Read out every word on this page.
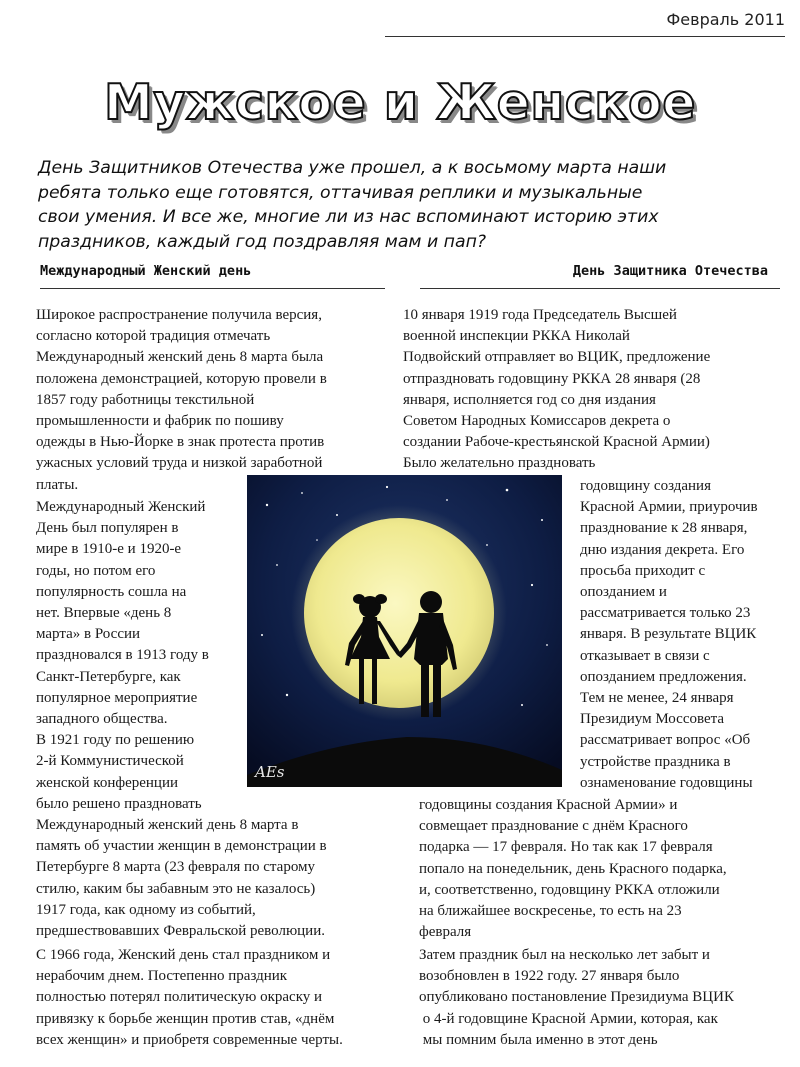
Февраль 2011
Мужское и Женское
День Защитников Отечества уже прошел, а к восьмому марта наши
ребята только еще готовятся, оттачивая реплики и музыкальные
свои умения. И все же, многие ли из нас вспоминают историю этих
праздников, каждый год поздравляя мам и пап?
Международный Женский день	День Защитника Отечества
Широкое распространение получила версия,
согласно которой традиция отмечать
Международный женский день 8 марта была
положена демонстрацией, которую провели в
1857 году работницы текстильной
промышленности и фабрик по пошиву
одежды в Нью-Йорке в знак протеста против
ужасных условий труда и низкой заработной
платы.
Международный Женский
День был популярен в
мире в 1910-е и 1920-е
годы, но потом его
популярность сошла на
нет. Впервые «день 8
марта» в России
праздновался в 1913 году в
Санкт-Петербурге, как
популярное мероприятие
западного общества.
В 1921 году по решению
2-й Коммунистической
женской конференции
было решено праздновать
Международный женский день 8 марта в
память об участии женщин в демонстрации в
Петербурге 8 марта (23 февраля по старому
стилю, каким бы забавным это не казалось)
1917 года, как одному из событий,
предшествовавших Февральской революции.
С 1966 года, Женский день стал праздником и
нерабочим днем. Постепенно праздник
полностью потерял политическую окраску и
привязку к борьбе женщин против став, «днём
всех женщин» и приобретя современные черты.
10 января 1919 года Председатель Высшей
военной инспекции РККА Николай
Подвойский отправляет во ВЦИК, предложение
отпраздновать годовщину РККА 28 января (28
января, исполняется год со дня издания
Советом Народных Комиссаров декрета о
создании Рабоче-крестьянской Красной Армии)
Было желательно праздновать
годовщину создания
Красной Армии, приурочив
празднование к 28 января,
дню издания декрета. Его
просьба приходит с
опозданием и
рассматривается только 23
января. В результате ВЦИК
отказывает в связи с
опозданием предложения.
Тем не менее, 24 января
Президиум Моссовета
рассматривает вопрос «Об
устройстве праздника в
ознаменование годовщины
годовщины создания Красной Армии» и
совмещает празднование с днём Красного
подарка — 17 февраля. Но так как 17 февраля
попало на понедельник, день Красного подарка,
и, соответственно, годовщину РККА отложили
на ближайшее воскресенье, то есть на 23
февраля
Затем праздник был на несколько лет забыт и
возобновлен в 1922 году. 27 января было
опубликовано постановление Президиума ВЦИК
о 4-й годовщине Красной Армии, которая, как
мы помним была именно в этот день
AEs
